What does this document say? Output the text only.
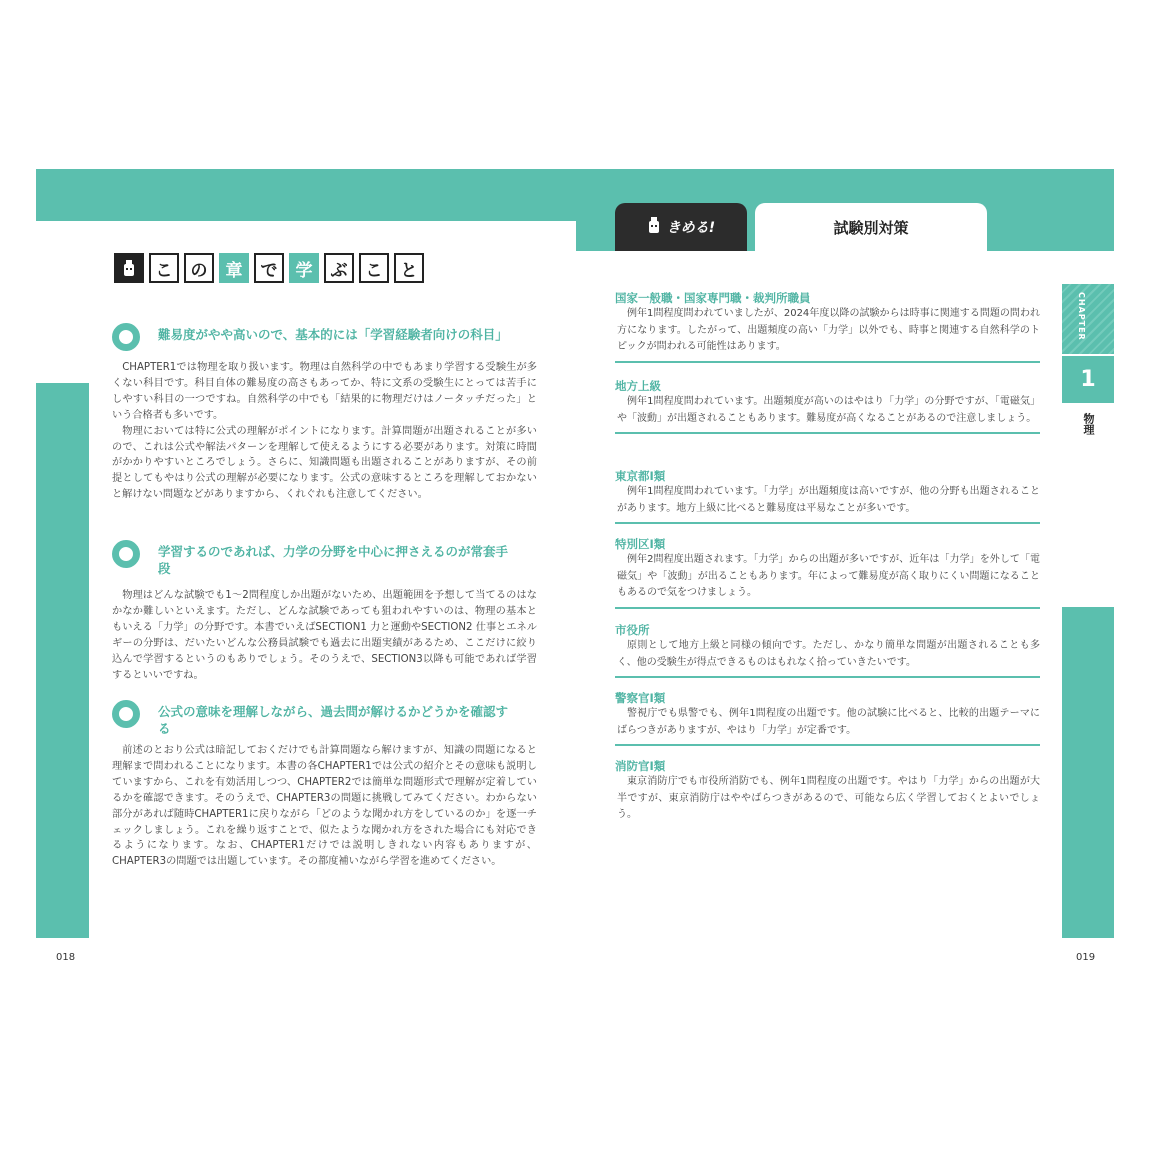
こ	の	章	で	学	ぶ	こ	と
難易度がやや高いので、基本的には「学習経験者向けの科目」

CHAPTER1では物理を取り扱います。物理は自然科学の中でもあまり学習する受験生が多くない科目です。科目自体の難易度の高さもあってか、特に文系の受験生にとっては苦手にしやすい科目の一つですね。自然科学の中でも「結果的に物理だけはノータッチだった」という合格者も多いです。

物理においては特に公式の理解がポイントになります。計算問題が出題されることが多いので、これは公式や解法パターンを理解して使えるようにする必要があります。対策に時間がかかりやすいところでしょう。さらに、知識問題も出題されることがありますが、その前提としてもやはり公式の理解が必要になります。公式の意味するところを理解しておかないと解けない問題などがありますから、くれぐれも注意してください。

学習するのであれば、力学の分野を中心に押さえるのが常套手段

物理はどんな試験でも1～2問程度しか出題がないため、出題範囲を予想して当てるのはなかなか難しいといえます。ただし、どんな試験であっても狙われやすいのは、物理の基本ともいえる「力学」の分野です。本書でいえばSECTION1 力と運動やSECTION2 仕事とエネルギーの分野は、だいたいどんな公務員試験でも過去に出題実績があるため、ここだけに絞り込んで学習するというのもありでしょう。そのうえで、SECTION3以降も可能であれば学習するといいですね。

公式の意味を理解しながら、過去問が解けるかどうかを確認する

前述のとおり公式は暗記しておくだけでも計算問題なら解けますが、知識の問題になると理解まで問われることになります。本書の各CHAPTER1では公式の紹介とその意味も説明していますから、これを有効活用しつつ、CHAPTER2では簡単な問題形式で理解が定着しているかを確認できます。そのうえで、CHAPTER3の問題に挑戦してみてください。わからない部分があれば随時CHAPTER1に戻りながら「どのような聞かれ方をしているのか」を逐一チェックしましょう。これを繰り返すことで、似たような聞かれ方をされた場合にも対応できるようになります。なお、CHAPTER1だけでは説明しきれない内容もありますが、CHAPTER3の問題では出題しています。その都度補いながら学習を進めてください。

018
きめる!	試験別対策
国家一般職・国家専門職・裁判所職員

例年1問程度問われていましたが、2024年度以降の試験からは時事に関連する問題の問われ方になります。したがって、出題頻度の高い「力学」以外でも、時事と関連する自然科学のトピックが問われる可能性はあります。

地方上級

例年1問程度問われています。出題頻度が高いのはやはり「力学」の分野ですが、「電磁気」や「波動」が出題されることもあります。難易度が高くなることがあるので注意しましょう。

東京都Ⅰ類

例年1問程度問われています。「力学」が出題頻度は高いですが、他の分野も出題されることがあります。地方上級に比べると難易度は平易なことが多いです。

特別区Ⅰ類

例年2問程度出題されます。「力学」からの出題が多いですが、近年は「力学」を外して「電磁気」や「波動」が出ることもあります。年によって難易度が高く取りにくい問題になることもあるので気をつけましょう。

市役所

原則として地方上級と同様の傾向です。ただし、かなり簡単な問題が出題されることも多く、他の受験生が得点できるものはもれなく拾っていきたいです。

警察官Ⅰ類

警視庁でも県警でも、例年1問程度の出題です。他の試験に比べると、比較的出題テーマにばらつきがありますが、やはり「力学」が定番です。

消防官Ⅰ類

東京消防庁でも市役所消防でも、例年1問程度の出題です。やはり「力学」からの出題が大半ですが、東京消防庁はややばらつきがあるので、可能なら広く学習しておくとよいでしょう。

CHAPTER
1
物理
019
